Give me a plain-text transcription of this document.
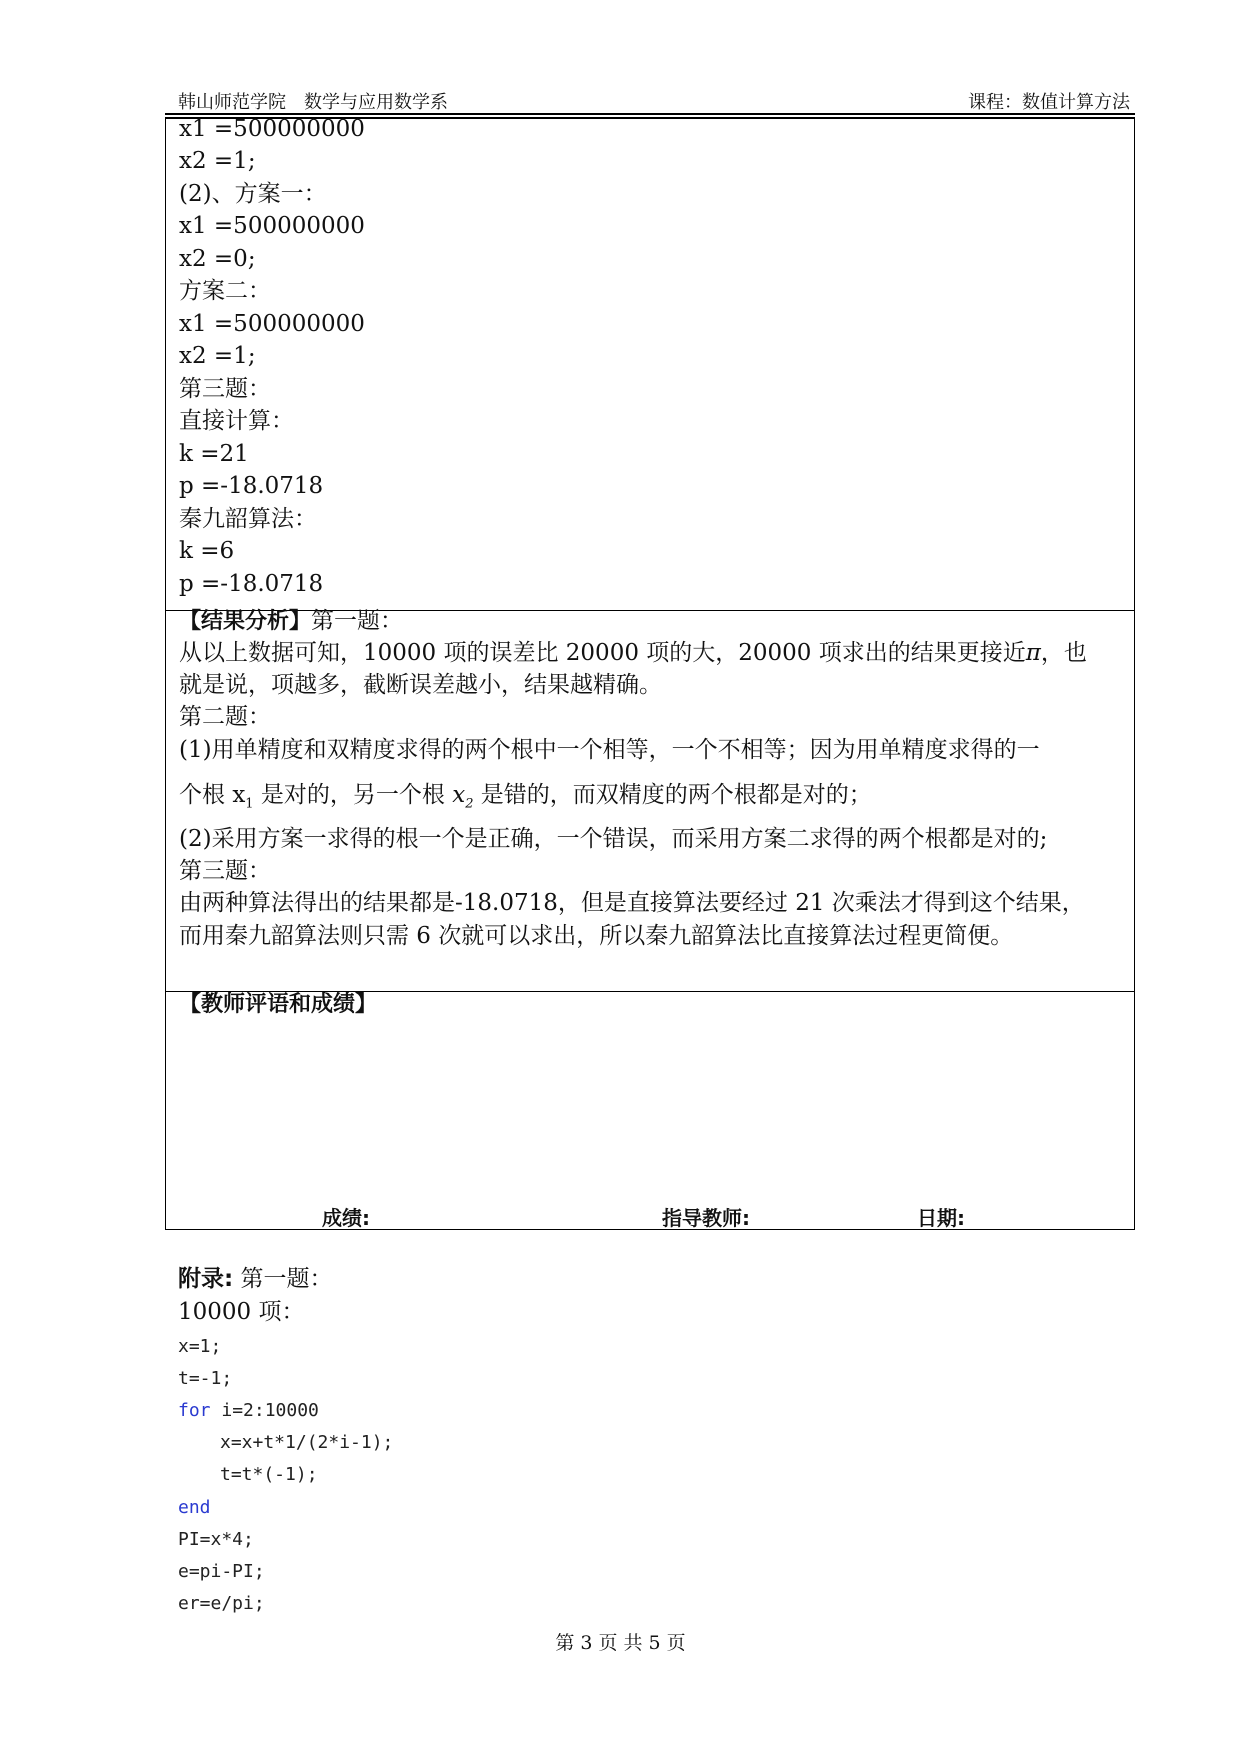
韩山师范学院　数学与应用数学系	课程：数值计算方法
x1 =500000000
x2 =1;
(2)、方案一：
x1 =500000000
x2 =0;
方案二：
x1 =500000000
x2 =1;
第三题：
直接计算：
k =21
p =-18.0718
秦九韶算法：
k =6
p =-18.0718
【结果分析】第一题：
从以上数据可知，10000 项的误差比 20000 项的大，20000 项求出的结果更接近π，也
就是说，项越多，截断误差越小，结果越精确。
第二题：
(1)用单精度和双精度求得的两个根中一个相等，一个不相等；因为用单精度求得的一
个根 $x_1$ 是对的，另一个根 $x_2$ 是错的，而双精度的两个根都是对的；
(2)采用方案一求得的根一个是正确，一个错误，而采用方案二求得的两个根都是对的;
第三题：
由两种算法得出的结果都是-18.0718，但是直接算法要经过 21 次乘法才得到这个结果，
而用秦九韶算法则只需 6 次就可以求出，所以秦九韶算法比直接算法过程更简便。
【教师评语和成绩】
成绩:	指导教师:	日期:
附录: 第一题：
10000 项：
x=1;
t=-1;
for i=2:10000
x=x+t*1/(2*i-1);
t=t*(-1);
end
PI=x*4;
e=pi-PI;
er=e/pi;
第 3 页 共 5 页
